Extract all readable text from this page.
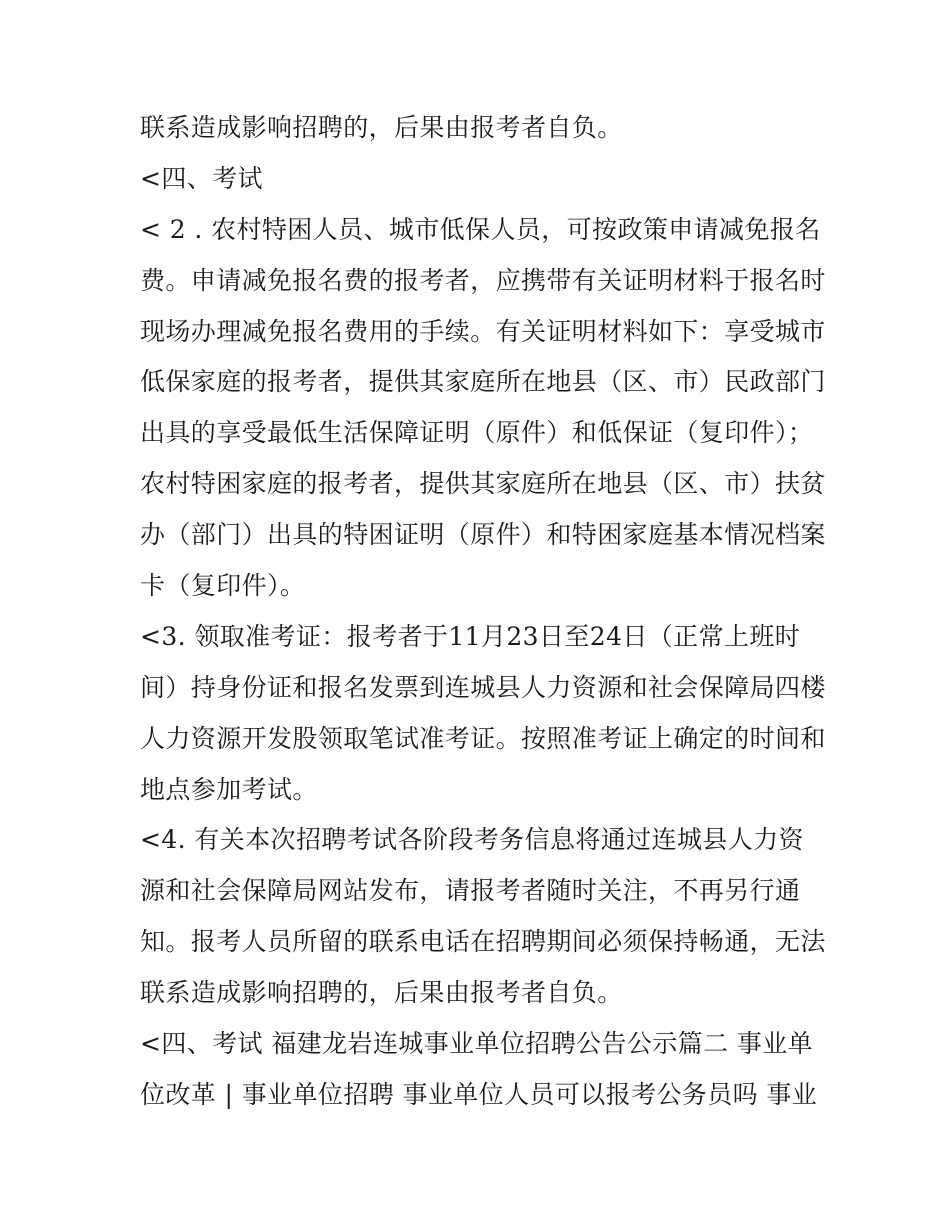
联系造成影响招聘的，后果由报考者自负。
<四、考试
< 2 . 农村特困人员、城市低保人员，可按政策申请减免报名
费。申请减免报名费的报考者，应携带有关证明材料于报名时
现场办理减免报名费用的手续。有关证明材料如下：享受城市
低保家庭的报考者，提供其家庭所在地县（区、市）民政部门
出具的享受最低生活保障证明（原件）和低保证（复印件）；
农村特困家庭的报考者，提供其家庭所在地县（区、市）扶贫
办（部门）出具的特困证明（原件）和特困家庭基本情况档案
卡（复印件）。
<3. 领取准考证：报考者于11月23日至24日（正常上班时
间）持身份证和报名发票到连城县人力资源和社会保障局四楼
人力资源开发股领取笔试准考证。按照准考证上确定的时间和
地点参加考试。
<4. 有关本次招聘考试各阶段考务信息将通过连城县人力资
源和社会保障局网站发布，请报考者随时关注，不再另行通
知。报考人员所留的联系电话在招聘期间必须保持畅通，无法
联系造成影响招聘的，后果由报考者自负。
<四、考试 福建龙岩连城事业单位招聘公告公示篇二 事业单
位改革 | 事业单位招聘 事业单位人员可以报考公务员吗 事业
